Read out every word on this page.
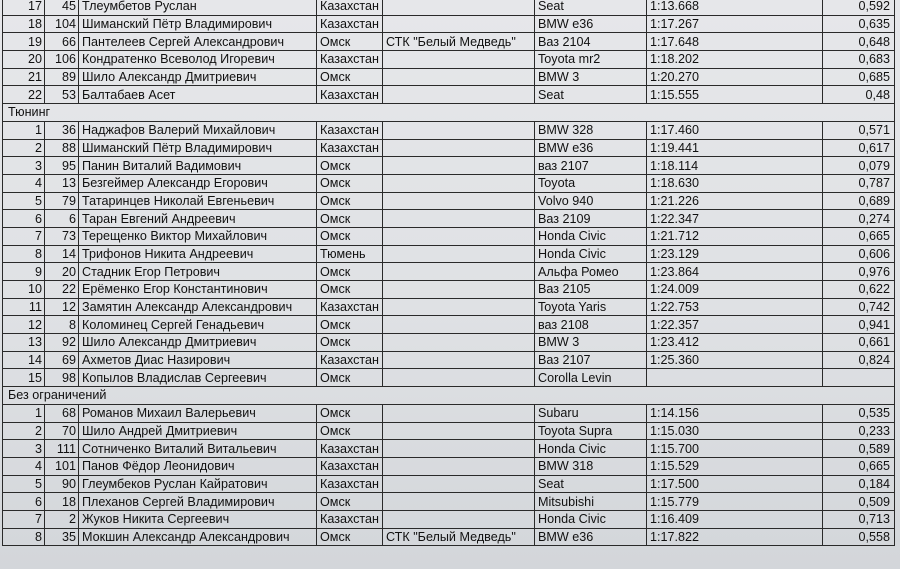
17	45	Тлеумбетов Руслан	Казахстан		Seat	1:13.668	0,592
18	104	Шиманский Пётр Владимирович	Казахстан		BMW e36	1:17.267	0,635
19	66	Пантелеев Сергей Александрович	Омск	СТК "Белый Медведь"	Ваз 2104	1:17.648	0,648
20	106	Кондратенко Всеволод Игоревич	Казахстан		Toyota mr2	1:18.202	0,683
21	89	Шило Александр Дмитриевич	Омск		BMW 3	1:20.270	0,685
22	53	Балтабаев Асет	Казахстан		Seat	1:15.555	0,48
Тюнинг							
1	36	Наджафов Валерий Михайлович	Казахстан		BMW 328	1:17.460	0,571
2	88	Шиманский Пётр Владимирович	Казахстан		BMW e36	1:19.441	0,617
3	95	Панин Виталий Вадимович	Омск		ваз 2107	1:18.114	0,079
4	13	Безгеймер Александр Егорович	Омск		Toyota	1:18.630	0,787
5	79	Татаринцев Николай Евгеньевич	Омск		Volvo 940	1:21.226	0,689
6	6	Таран Евгений Андреевич	Омск		Ваз 2109	1:22.347	0,274
7	73	Терещенко Виктор Михайлович	Омск		Honda Civic	1:21.712	0,665
8	14	Трифонов Никита Андреевич	Тюмень		Honda Civic	1:23.129	0,606
9	20	Стадник Егор Петрович	Омск		Альфа Ромео	1:23.864	0,976
10	22	Ерёменко Егор Константинович	Омск		Ваз 2105	1:24.009	0,622
11	12	Замятин Александр Александрович	Казахстан		Toyota Yaris	1:22.753	0,742
12	8	Коломинец Сергей Генадьевич	Омск		ваз 2108	1:22.357	0,941
13	92	Шило Александр Дмитриевич	Омск		BMW 3	1:23.412	0,661
14	69	Ахметов Диас Назирович	Казахстан		Ваз 2107	1:25.360	0,824
15	98	Копылов Владислав Сергеевич	Омск		Corolla Levin		
Без ограничений							
1	68	Романов Михаил Валерьевич	Омск		Subaru	1:14.156	0,535
2	70	Шило Андрей Дмитриевич	Омск		Toyota Supra	1:15.030	0,233
3	111	Сотниченко Виталий Витальевич	Казахстан		Honda Civic	1:15.700	0,589
4	101	Панов Фёдор Леонидович	Казахстан		BMW 318	1:15.529	0,665
5	90	Глеумбеков Руслан Кайратович	Казахстан		Seat	1:17.500	0,184
6	18	Плеханов Сергей Владимирович	Омск		Mitsubishi	1:15.779	0,509
7	2	Жуков Никита Сергеевич	Казахстан		Honda Civic	1:16.409	0,713
8	35	Мокшин Александр Александрович	Омск	СТК "Белый Медведь"	BMW e36	1:17.822	0,558
